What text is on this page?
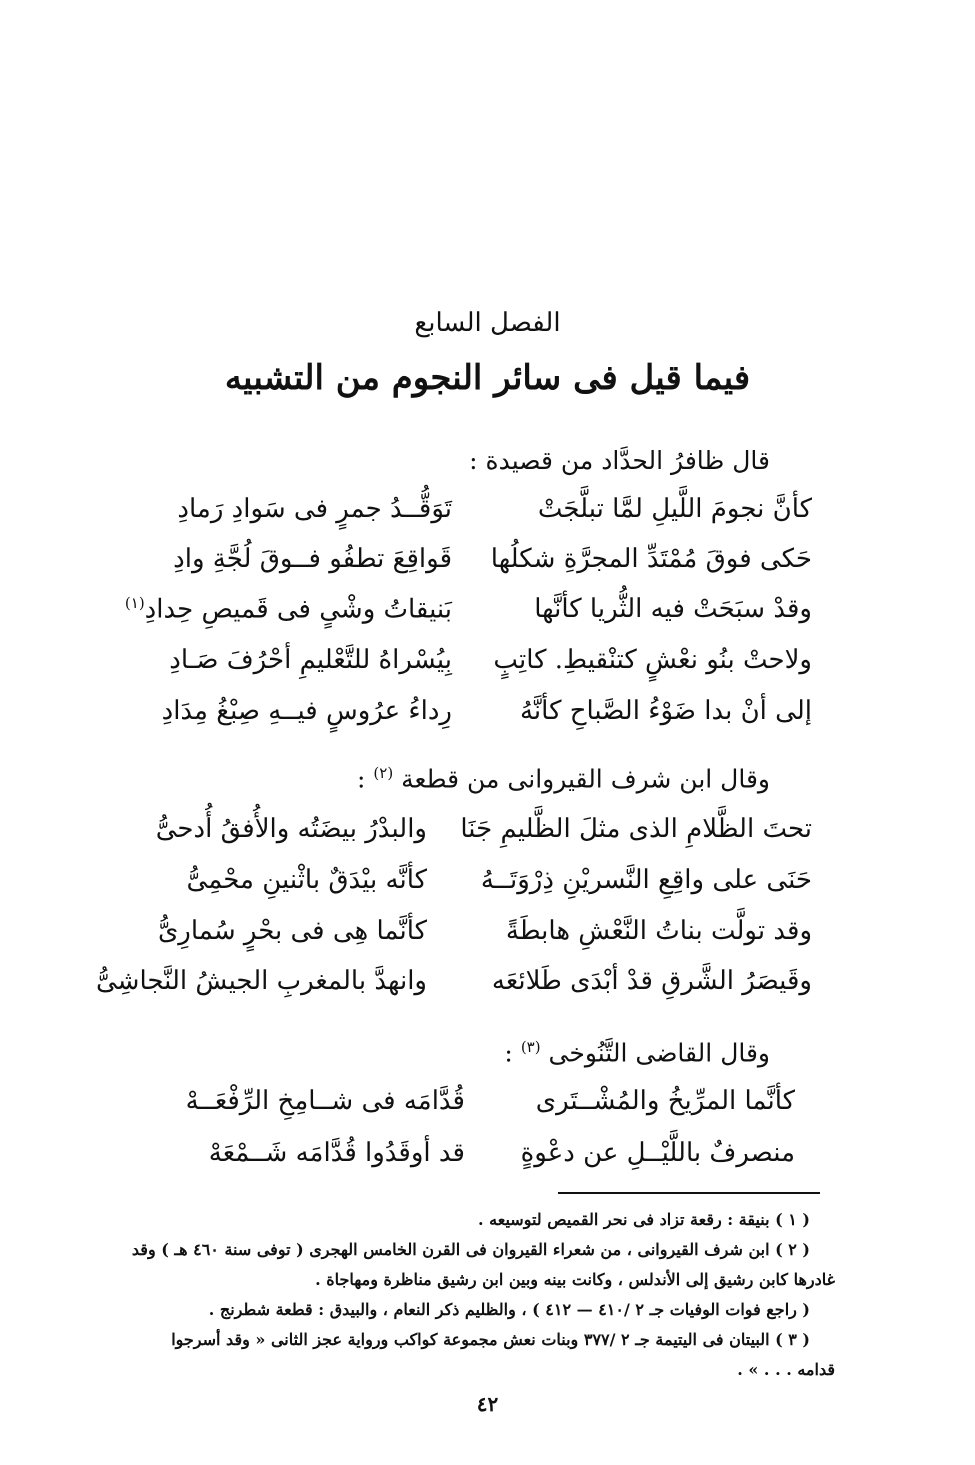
الفصل السابع
فيما قيل فى سائر النجوم من التشبيه
قال ظافرُ الحدَّاد من قصيدة :
كأنَّ نجومَ اللَّيلِ لمَّا تبلَّجَتْ
تَوَقُّــدُ جمرٍ فى سَوادِ رَمادِ
حَكى فوقَ مُمْتَدِّ المجرَّةِ شكلُها
قَواقِعَ تطفُو فــوقَ لُجَّةِ وادِ
وقدْ سبَحَتْ فيه الثُّريا كأنَّها
بَنيقاتُ وشْىٍ فى قَميصِ حِدادِ$^{(١)}$
ولاحتْ بنُو نعْشٍ كتنْقيطِ. كاتِبٍ
بِيُسْراهُ للتَّعْليمِ أحْرُفَ صَـادِ
إلى أنْ بدا ضَوْءُ الصَّباحِ كأنَّهُ
رِداءُ عرُوسٍ فيــهِ صِبْغُ مِدَادِ
وقال ابن شرف القيروانى من قطعة $^{(٢)}$ :
تحتَ الظَّلامِ الذى مثلَ الظَّليمِ جَنَا
والبدْرُ بيضَتُه والأُفقُ أُدحىُّ
حَنَى على واقِعِ النَّسريْنِ ذِرْوَتَــهُ
كأنَّه بيْدَقٌ باثْنينِ محْمِىُّ
وقد تولَّت بناتُ النَّعْشِ هابطَةً
كأنَّما هِى فى بحْرٍ سُمارِىُّ
وقَيصَرُ الشَّرقِ قدْ أبْدَى طَلائعَه
وانهدَّ بالمغربِ الجيشُ النَّجاشِىُّ
وقال القاضى التَّنُوخى $^{(٣)}$ :
كأنَّما المرِّيخُ والمُشْــتَرى
قُدَّامَه فى شــامِخِ الرِّفْعَــهْ
منصرفٌ باللَّيْــلِ عن دعْوةٍ
قد أوقَدُوا قُدَّامَه شَــمْعَهْ
( ١ ) بنيقة : رقعة تزاد فى نحر القميص لتوسيعه .
( ٢ ) ابن شرف القيروانى ، من شعراء القيروان فى القرن الخامس الهجرى ( توفى سنة ٤٦٠ هـ ) وقد
غادرها كابن رشيق إلى الأندلس ، وكانت بينه وبين ابن رشيق مناظرة ومهاجاة .
( راجع فوات الوفيات جـ ٢ /٤١٠ — ٤١٢ ) ، والظليم ذكر النعام ، والبيدق : قطعة شطرنج .
( ٣ ) البيتان فى اليتيمة جـ ٢ /٣٧٧ وبنات نعش مجموعة كواكب ورواية عجز الثانى « وقد أسرجوا
قدامه . . . » .
٤٢
